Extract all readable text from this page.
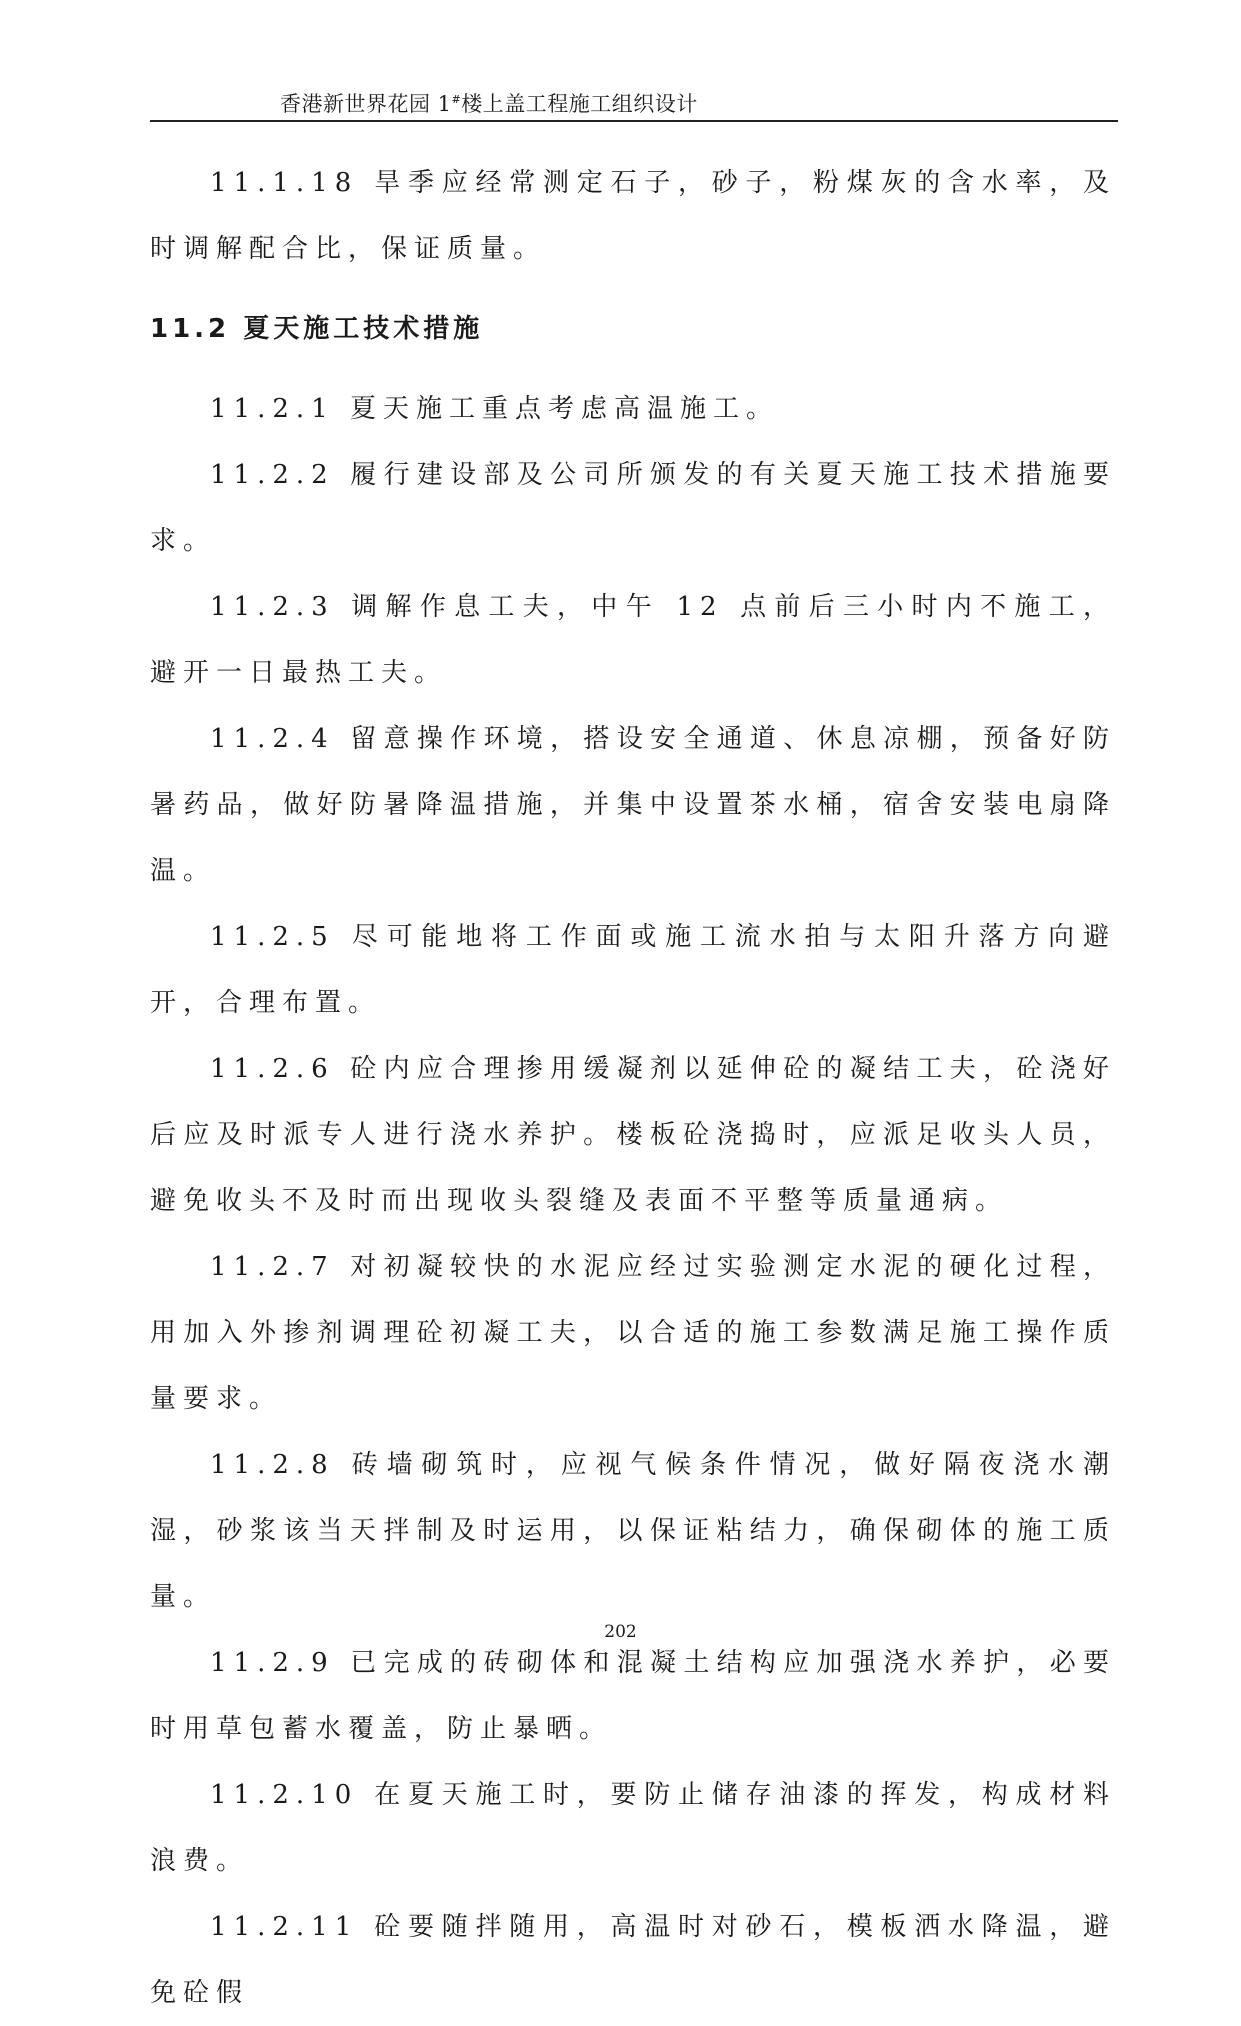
香港新世界花园 1#楼上盖工程施工组织设计

11.1.18 旱季应经常测定石子，砂子，粉煤灰的含水率，及时调解配合比，保证质量。

11.2 夏天施工技术措施

11.2.1 夏天施工重点考虑高温施工。

11.2.2 履行建设部及公司所颁发的有关夏天施工技术措施要求。

11.2.3 调解作息工夫，中午 12 点前后三小时内不施工，避开一日最热工夫。

11.2.4 留意操作环境，搭设安全通道、休息凉棚，预备好防暑药品，做好防暑降温措施，并集中设置茶水桶，宿舍安装电扇降温。

11.2.5 尽可能地将工作面或施工流水拍与太阳升落方向避开，合理布置。

11.2.6 砼内应合理掺用缓凝剂以延伸砼的凝结工夫，砼浇好后应及时派专人进行浇水养护。楼板砼浇捣时，应派足收头人员，避免收头不及时而出现收头裂缝及表面不平整等质量通病。

11.2.7 对初凝较快的水泥应经过实验测定水泥的硬化过程，用加入外掺剂调理砼初凝工夫，以合适的施工参数满足施工操作质量要求。

11.2.8 砖墙砌筑时，应视气候条件情况，做好隔夜浇水潮湿，砂浆该当天拌制及时运用，以保证粘结力，确保砌体的施工质量。

11.2.9 已完成的砖砌体和混凝土结构应加强浇水养护，必要时用草包蓄水覆盖，防止暴晒。

11.2.10 在夏天施工时，要防止储存油漆的挥发，构成材料浪费。

11.2.11 砼要随拌随用，高温时对砂石，模板洒水降温，避免砼假

202
